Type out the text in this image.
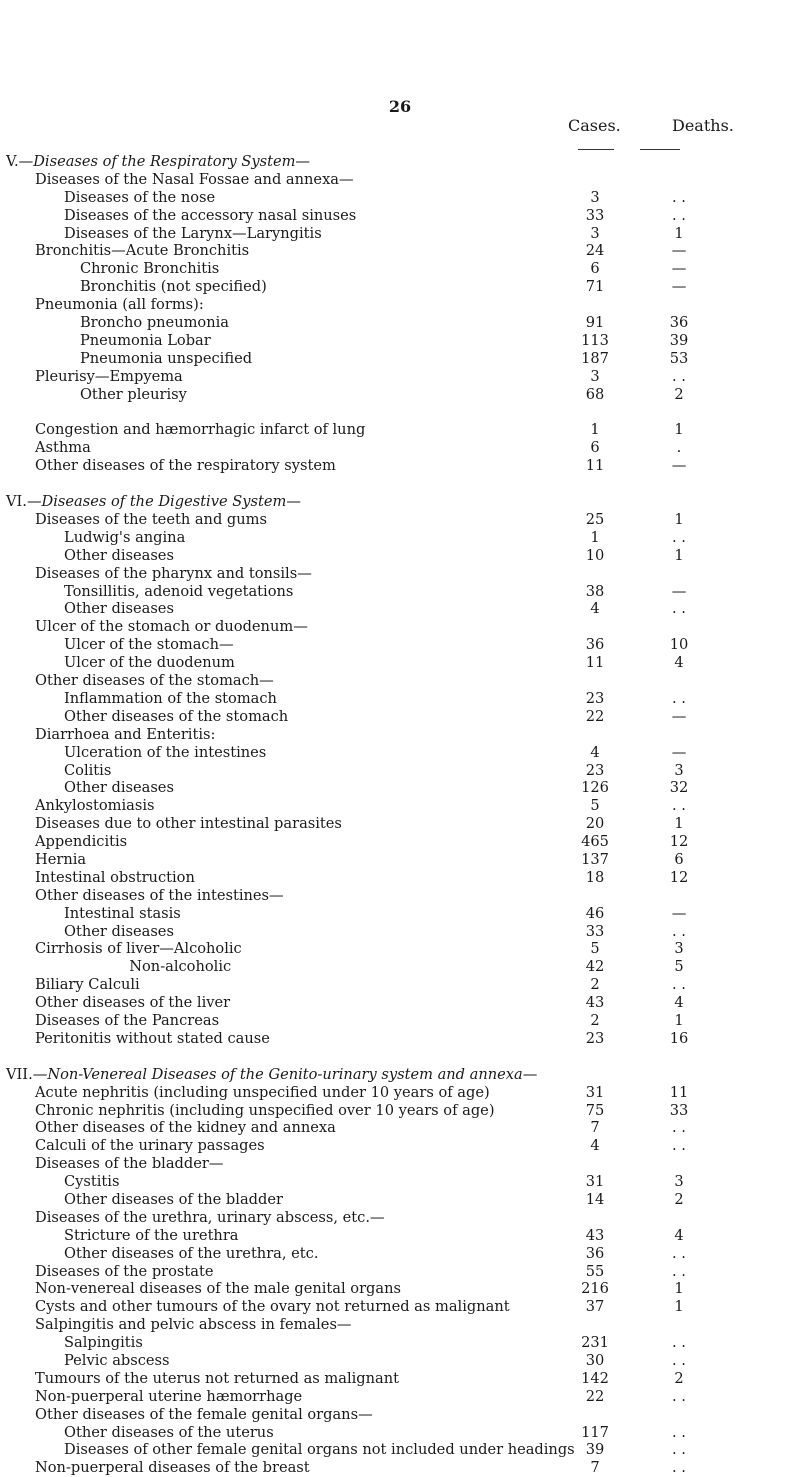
26
Cases.	Deaths.
V.—Diseases of the Respiratory System—
Diseases of the Nasal Fossae and annexa—
Diseases of the nose	3	. .
Diseases of the accessory nasal sinuses	33	. .
Diseases of the Larynx—Laryngitis	3	1
Bronchitis—Acute Bronchitis	24	—
Chronic Bronchitis	6	—
Bronchitis (not specified)	71	—
Pneumonia (all forms):
Broncho pneumonia	91	36
Pneumonia Lobar	113	39
Pneumonia unspecified	187	53
Pleurisy—Empyema	3	. .
Other pleurisy	68	2
Congestion and hæmorrhagic infarct of lung	1	1
Asthma	6	.
Other diseases of the respiratory system	11	—
VI.—Diseases of the Digestive System—
Diseases of the teeth and gums	25	1
Ludwig's angina	1	. .
Other diseases	10	1
Diseases of the pharynx and tonsils—
Tonsillitis, adenoid vegetations	38	—
Other diseases	4	. .
Ulcer of the stomach or duodenum—
Ulcer of the stomach—	36	10
Ulcer of the duodenum	11	4
Other diseases of the stomach—
Inflammation of the stomach	23	. .
Other diseases of the stomach	22	—
Diarrhoea and Enteritis:
Ulceration of the intestines	4	—
Colitis	23	3
Other diseases	126	32
Ankylostomiasis	5	. .
Diseases due to other intestinal parasites	20	1
Appendicitis	465	12
Hernia	137	6
Intestinal obstruction	18	12
Other diseases of the intestines—
Intestinal stasis	46	—
Other diseases	33	. .
Cirrhosis of liver—Alcoholic	5	3
Non-alcoholic	42	5
Biliary Calculi	2	. .
Other diseases of the liver	43	4
Diseases of the Pancreas	2	1
Peritonitis without stated cause	23	16
VII.—Non-Venereal Diseases of the Genito-urinary system and annexa—
Acute nephritis (including unspecified under 10 years of age)	31	11
Chronic nephritis (including unspecified over 10 years of age)	75	33
Other diseases of the kidney and annexa	7	. .
Calculi of the urinary passages	4	. .
Diseases of the bladder—
Cystitis	31	3
Other diseases of the bladder	14	2
Diseases of the urethra, urinary abscess, etc.—
Stricture of the urethra	43	4
Other diseases of the urethra, etc.	36	. .
Diseases of the prostate	55	. .
Non-venereal diseases of the male genital organs	216	1
Cysts and other tumours of the ovary not returned as malignant	37	1
Salpingitis and pelvic abscess in females—
Salpingitis	231	. .
Pelvic abscess	30	. .
Tumours of the uterus not returned as malignant	142	2
Non-puerperal uterine hæmorrhage	22	. .
Other diseases of the female genital organs—
Other diseases of the uterus	117	. .
Diseases of other female genital organs not included under headings 39	. .
Non-puerperal diseases of the breast	7	. .
